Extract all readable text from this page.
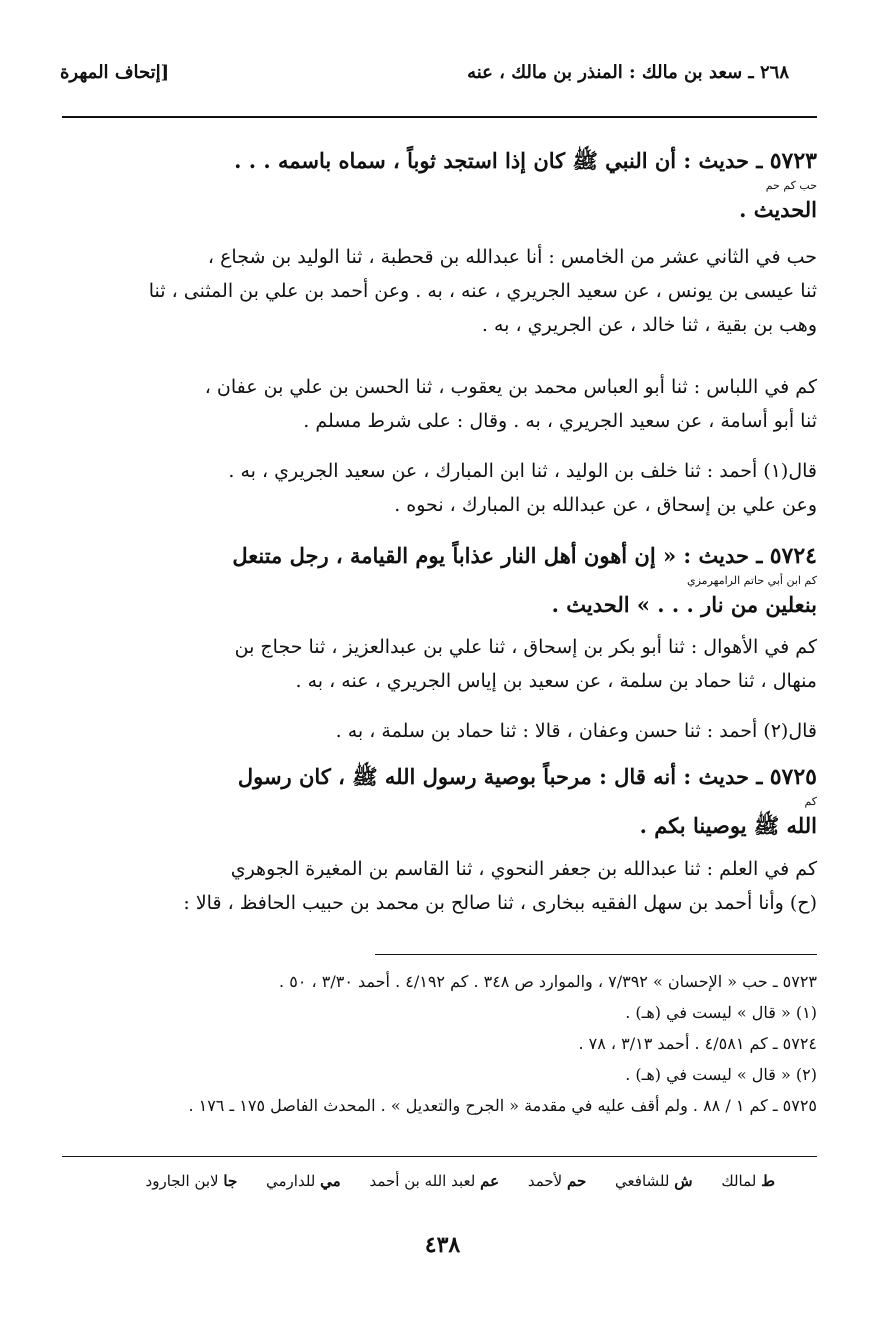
٢٦٨ ـ سعد بن مالك : المنذر بن مالك ، عنه
[إتحاف المهرة
٥٧٢٣ ـ حديث : أن النبي ﷺ كان إذا استجد ثوباً ، سماه باسمه . . .
حب كم حم
الحديث .
حب في الثاني عشر من الخامس : أنا عبدالله بن قحطبة ، ثنا الوليد بن شجاع ،
ثنا عيسى بن يونس ، عن سعيد الجريري ، عنه ، به . وعن أحمد بن علي بن المثنى ، ثنا
وهب بن بقية ، ثنا خالد ، عن الجريري ، به .
كم في اللباس : ثنا أبو العباس محمد بن يعقوب ، ثنا الحسن بن علي بن عفان ،
ثنا أبو أسامة ، عن سعيد الجريري ، به . وقال : على شرط مسلم .
قال(١) أحمد : ثنا خلف بن الوليد ، ثنا ابن المبارك ، عن سعيد الجريري ، به .
وعن علي بن إسحاق ، عن عبدالله بن المبارك ، نحوه .
٥٧٢٤ ـ حديث : « إن أهون أهل النار عذاباً يوم القيامة ، رجل متنعل
كم ابن أبي حاتم الرامهرمزي
بنعلين من نار . . . » الحديث .
كم في الأهوال : ثنا أبو بكر بن إسحاق ، ثنا علي بن عبدالعزيز ، ثنا حجاج بن
منهال ، ثنا حماد بن سلمة ، عن سعيد بن إياس الجريري ، عنه ، به .
قال(٢) أحمد : ثنا حسن وعفان ، قالا : ثنا حماد بن سلمة ، به .
٥٧٢٥ ـ حديث : أنه قال : مرحباً بوصية رسول الله ﷺ ، كان رسول
كم
الله ﷺ يوصينا بكم .
كم في العلم : ثنا عبدالله بن جعفر النحوي ، ثنا القاسم بن المغيرة الجوهري
(ح) وأنا أحمد بن سهل الفقيه ببخارى ، ثنا صالح بن محمد بن حبيب الحافظ ، قالا :
٥٧٢٣ ـ حب « الإحسان » ٧/٣٩٢ ، والموارد ص ٣٤٨ . كم ٤/١٩٢ . أحمد ٣/٣٠ ، ٥٠ .
(١) « قال » ليست في (هـ) .
٥٧٢٤ ـ كم ٤/٥٨١ . أحمد ٣/١٣ ، ٧٨ .
(٢) « قال » ليست في (هـ) .
٥٧٢٥ ـ كم ١ / ٨٨ . ولم أقف عليه في مقدمة « الجرح والتعديل » . المحدث الفاصل ١٧٥ ـ ١٧٦ .
ط لمالك ش للشافعي حم لأحمد عم لعبد الله بن أحمد مي للدارمي جا لابن الجارود
٤٣٨
